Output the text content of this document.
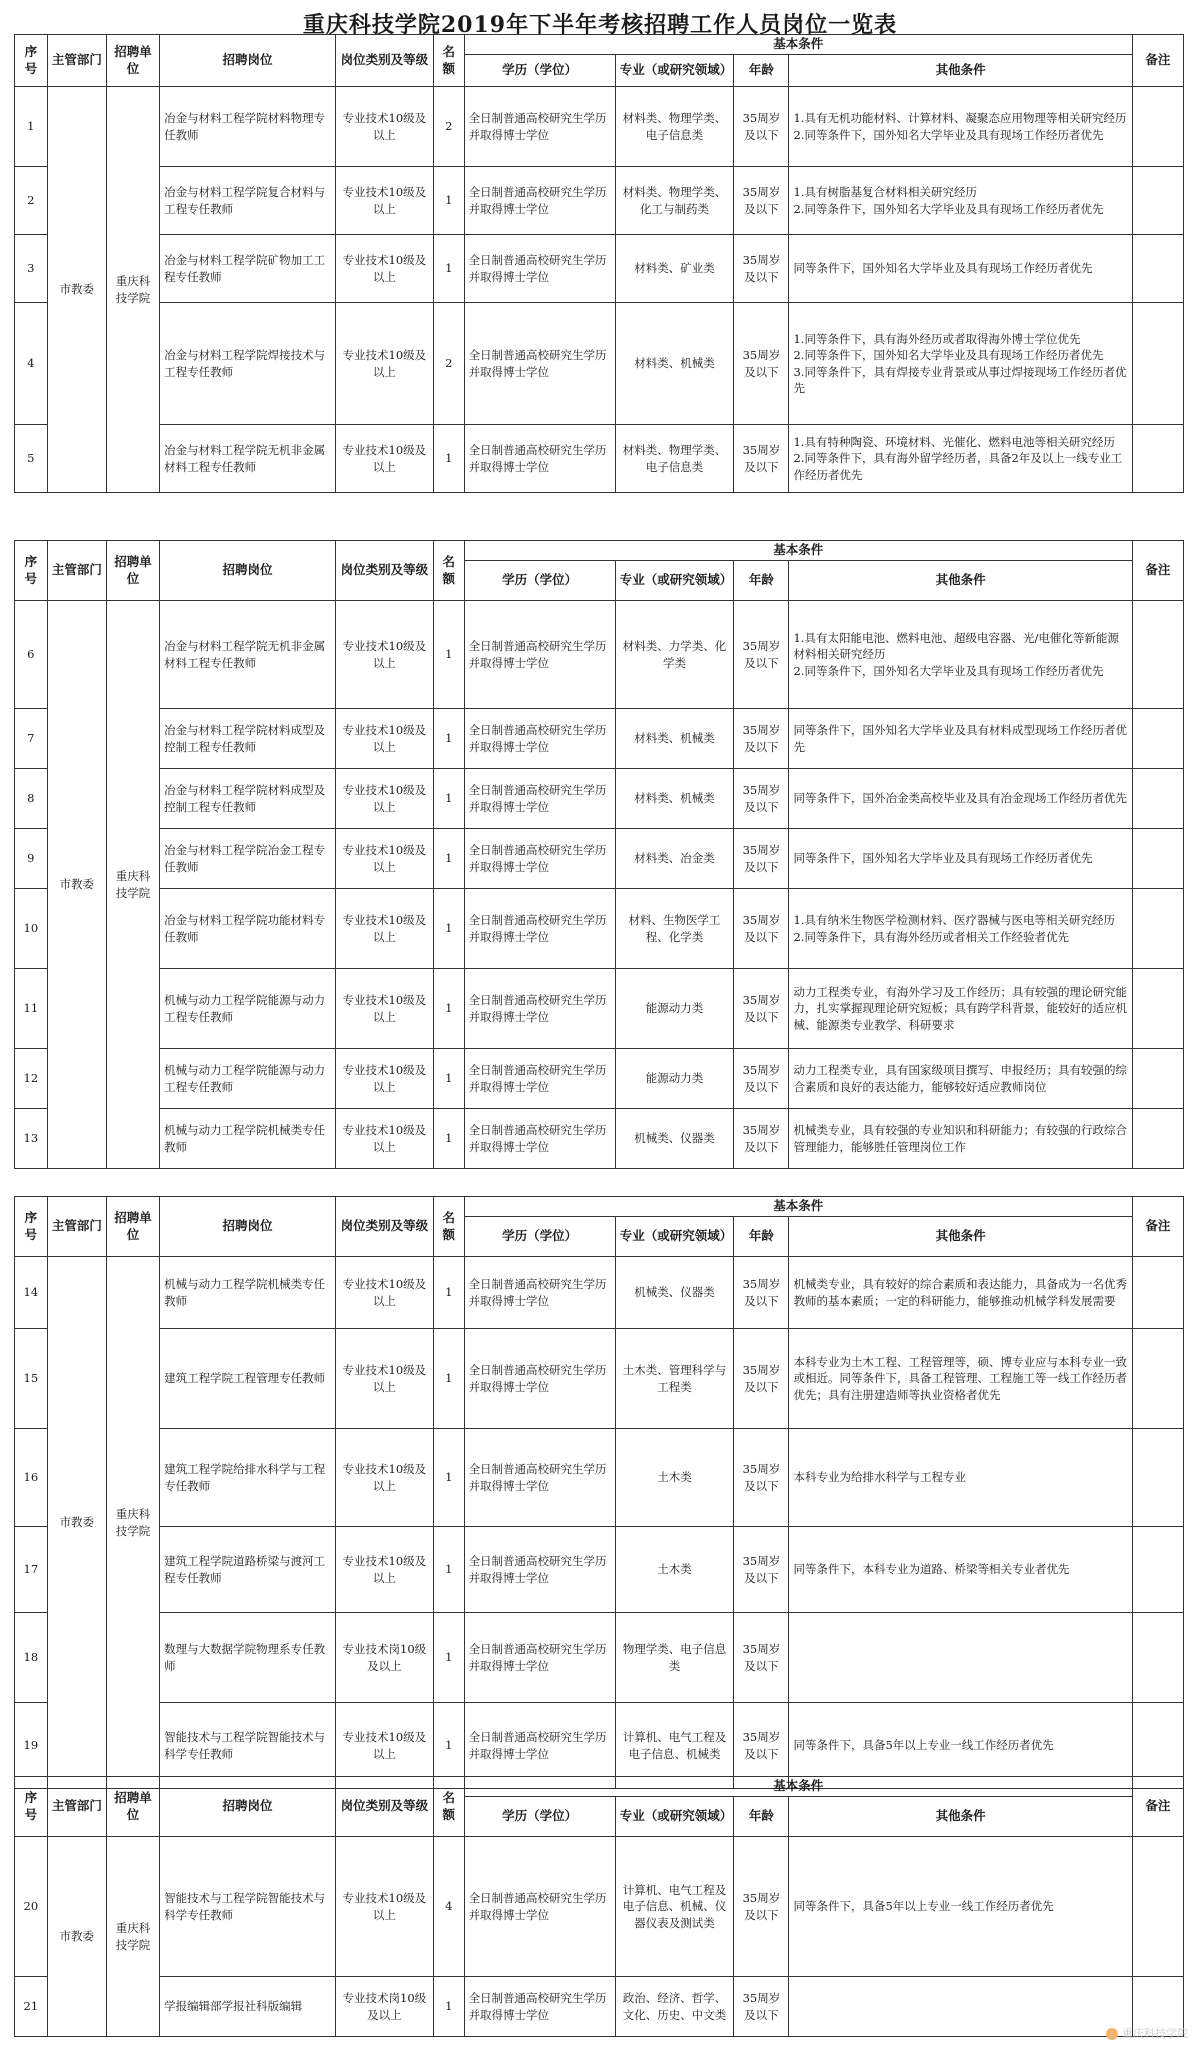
重庆科技学院2019年下半年考核招聘工作人员岗位一览表
序号	主管部门	招聘单位	招聘岗位	岗位类别及等级	名额	基本条件				备注
						学历（学位）	专业（或研究领域）	年龄	其他条件	
1	市教委	重庆科技学院	冶金与材料工程学院材料物理专任教师	专业技术10级及以上	2	全日制普通高校研究生学历并取得博士学位	材料类、物理学类、电子信息类	35周岁及以下	1.具有无机功能材料、计算材料、凝聚态应用物理等相关研究经历
2.同等条件下，国外知名大学毕业及具有现场工作经历者优先	
2			冶金与材料工程学院复合材料与工程专任教师	专业技术10级及以上	1	全日制普通高校研究生学历并取得博士学位	材料类、物理学类、化工与制药类	35周岁及以下	1.具有树脂基复合材料相关研究经历
2.同等条件下，国外知名大学毕业及具有现场工作经历者优先	
3			冶金与材料工程学院矿物加工工程专任教师	专业技术10级及以上	1	全日制普通高校研究生学历并取得博士学位	材料类、矿业类	35周岁及以下	同等条件下，国外知名大学毕业及具有现场工作经历者优先	
4			冶金与材料工程学院焊接技术与工程专任教师	专业技术10级及以上	2	全日制普通高校研究生学历并取得博士学位	材料类、机械类	35周岁及以下	1.同等条件下，具有海外经历或者取得海外博士学位优先
2.同等条件下，国外知名大学毕业及具有现场工作经历者优先
3.同等条件下，具有焊接专业背景或从事过焊接现场工作经历者优先	
5			冶金与材料工程学院无机非金属材料工程专任教师	专业技术10级及以上	1	全日制普通高校研究生学历并取得博士学位	材料类、物理学类、电子信息类	35周岁及以下	1.具有特种陶瓷、环境材料、光催化、燃料电池等相关研究经历
2.同等条件下，具有海外留学经历者，具备2年及以上一线专业工作经历者优先	
序号	主管部门	招聘单位	招聘岗位	岗位类别及等级	名额	基本条件				备注
						学历（学位）	专业（或研究领域）	年龄	其他条件	
6	市教委	重庆科技学院	冶金与材料工程学院无机非金属材料工程专任教师	专业技术10级及以上	1	全日制普通高校研究生学历并取得博士学位	材料类、力学类、化学类	35周岁及以下	1.具有太阳能电池、燃料电池、超级电容器、光/电催化等新能源材料相关研究经历
2.同等条件下，国外知名大学毕业及具有现场工作经历者优先	
7			冶金与材料工程学院材料成型及控制工程专任教师	专业技术10级及以上	1	全日制普通高校研究生学历并取得博士学位	材料类、机械类	35周岁及以下	同等条件下，国外知名大学毕业及具有材料成型现场工作经历者优先	
8			冶金与材料工程学院材料成型及控制工程专任教师	专业技术10级及以上	1	全日制普通高校研究生学历并取得博士学位	材料类、机械类	35周岁及以下	同等条件下，国外冶金类高校毕业及具有冶金现场工作经历者优先	
9			冶金与材料工程学院冶金工程专任教师	专业技术10级及以上	1	全日制普通高校研究生学历并取得博士学位	材料类、冶金类	35周岁及以下	同等条件下，国外知名大学毕业及具有现场工作经历者优先	
10			冶金与材料工程学院功能材料专任教师	专业技术10级及以上	1	全日制普通高校研究生学历并取得博士学位	材料、生物医学工程、化学类	35周岁及以下	1.具有纳米生物医学检测材料、医疗器械与医电等相关研究经历
2.同等条件下，具有海外经历或者相关工作经验者优先	
11			机械与动力工程学院能源与动力工程专任教师	专业技术10级及以上	1	全日制普通高校研究生学历并取得博士学位	能源动力类	35周岁及以下	动力工程类专业，有海外学习及工作经历；具有较强的理论研究能力，扎实掌握现理论研究短板；具有跨学科背景，能较好的适应机械、能源类专业教学、科研要求	
12			机械与动力工程学院能源与动力工程专任教师	专业技术10级及以上	1	全日制普通高校研究生学历并取得博士学位	能源动力类	35周岁及以下	动力工程类专业，具有国家级项目撰写、申报经历；具有较强的综合素质和良好的表达能力，能够较好适应教师岗位	
13			机械与动力工程学院机械类专任教师	专业技术10级及以上	1	全日制普通高校研究生学历并取得博士学位	机械类、仪器类	35周岁及以下	机械类专业，具有较强的专业知识和科研能力；有较强的行政综合管理能力，能够胜任管理岗位工作	
序号	主管部门	招聘单位	招聘岗位	岗位类别及等级	名额	基本条件				备注
						学历（学位）	专业（或研究领域）	年龄	其他条件	
14	市教委	重庆科技学院	机械与动力工程学院机械类专任教师	专业技术10级及以上	1	全日制普通高校研究生学历并取得博士学位	机械类、仪器类	35周岁及以下	机械类专业，具有较好的综合素质和表达能力，具备成为一名优秀教师的基本素质；一定的科研能力，能够推动机械学科发展需要	
15			建筑工程学院工程管理专任教师	专业技术10级及以上	1	全日制普通高校研究生学历并取得博士学位	土木类、管理科学与工程类	35周岁及以下	本科专业为土木工程、工程管理等，硕、博专业应与本科专业一致或相近。同等条件下，具备工程管理、工程施工等一线工作经历者优先；具有注册建造师等执业资格者优先	
16			建筑工程学院给排水科学与工程专任教师	专业技术10级及以上	1	全日制普通高校研究生学历并取得博士学位	土木类	35周岁及以下	本科专业为给排水科学与工程专业	
17			建筑工程学院道路桥梁与渡河工程专任教师	专业技术10级及以上	1	全日制普通高校研究生学历并取得博士学位	土木类	35周岁及以下	同等条件下，本科专业为道路、桥梁等相关专业者优先	
18			数理与大数据学院物理系专任教师	专业技术岗10级及以上	1	全日制普通高校研究生学历并取得博士学位	物理学类、电子信息类	35周岁及以下		
19			智能技术与工程学院智能技术与科学专任教师	专业技术10级及以上	1	全日制普通高校研究生学历并取得博士学位	计算机、电气工程及电子信息、机械类	35周岁及以下	同等条件下，具备5年以上专业一线工作经历者优先	
序号	主管部门	招聘单位	招聘岗位	岗位类别及等级	名额	基本条件				备注
						学历（学位）	专业（或研究领域）	年龄	其他条件	
20	市教委	重庆科技学院	智能技术与工程学院智能技术与科学专任教师	专业技术10级及以上	4	全日制普通高校研究生学历并取得博士学位	计算机、电气工程及电子信息、机械、仪器仪表及测试类	35周岁及以下	同等条件下，具备5年以上专业一线工作经历者优先	
21			学报编辑部学报社科版编辑	专业技术岗10级及以上	1	全日制普通高校研究生学历并取得博士学位	政治、经济、哲学、文化、历史、中文类	35周岁及以下		
重庆科技学院
